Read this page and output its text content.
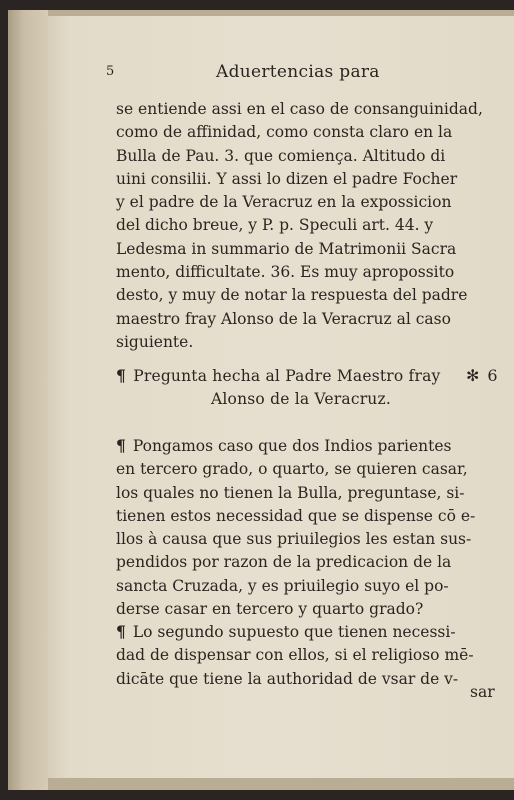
5	Aduertencias para
se entiende assi en el caso de consanguinidad,
como de affinidad, como consta claro en la
Bulla de Pau. 3. que comiença. Altitudo di
uini consilii. Y assi lo dizen el padre Focher
y el padre de la Veracruz en la expossicion
del dicho breue, y P. p. Speculi art. 44. y
Ledesma in summario de Matrimonii Sacra
mento, difficultate. 36. Es muy apropossito
desto, y muy de notar la respuesta del padre
maestro fray Alonso de la Veracruz al caso
siguiente.
¶ Pregunta hecha al Padre Maestro fray
Alonso de la Veracruz.
¶ Pongamos caso que dos Indios parientes
en tercero grado, o quarto, se quieren casar,
los quales no tienen la Bulla, preguntase, si-
tienen estos necessidad que se dispense cō e-
llos à causa que sus priuilegios les estan sus-
pendidos por razon de la predicacion de la
sancta Cruzada, y es priuilegio suyo el po-
derse casar en tercero y quarto grado?
¶ Lo segundo supuesto que tienen necessi-
dad de dispensar con ellos, si el religioso mē-
dicāte que tiene la authoridad de vsar de v-
✻ 6
sar
